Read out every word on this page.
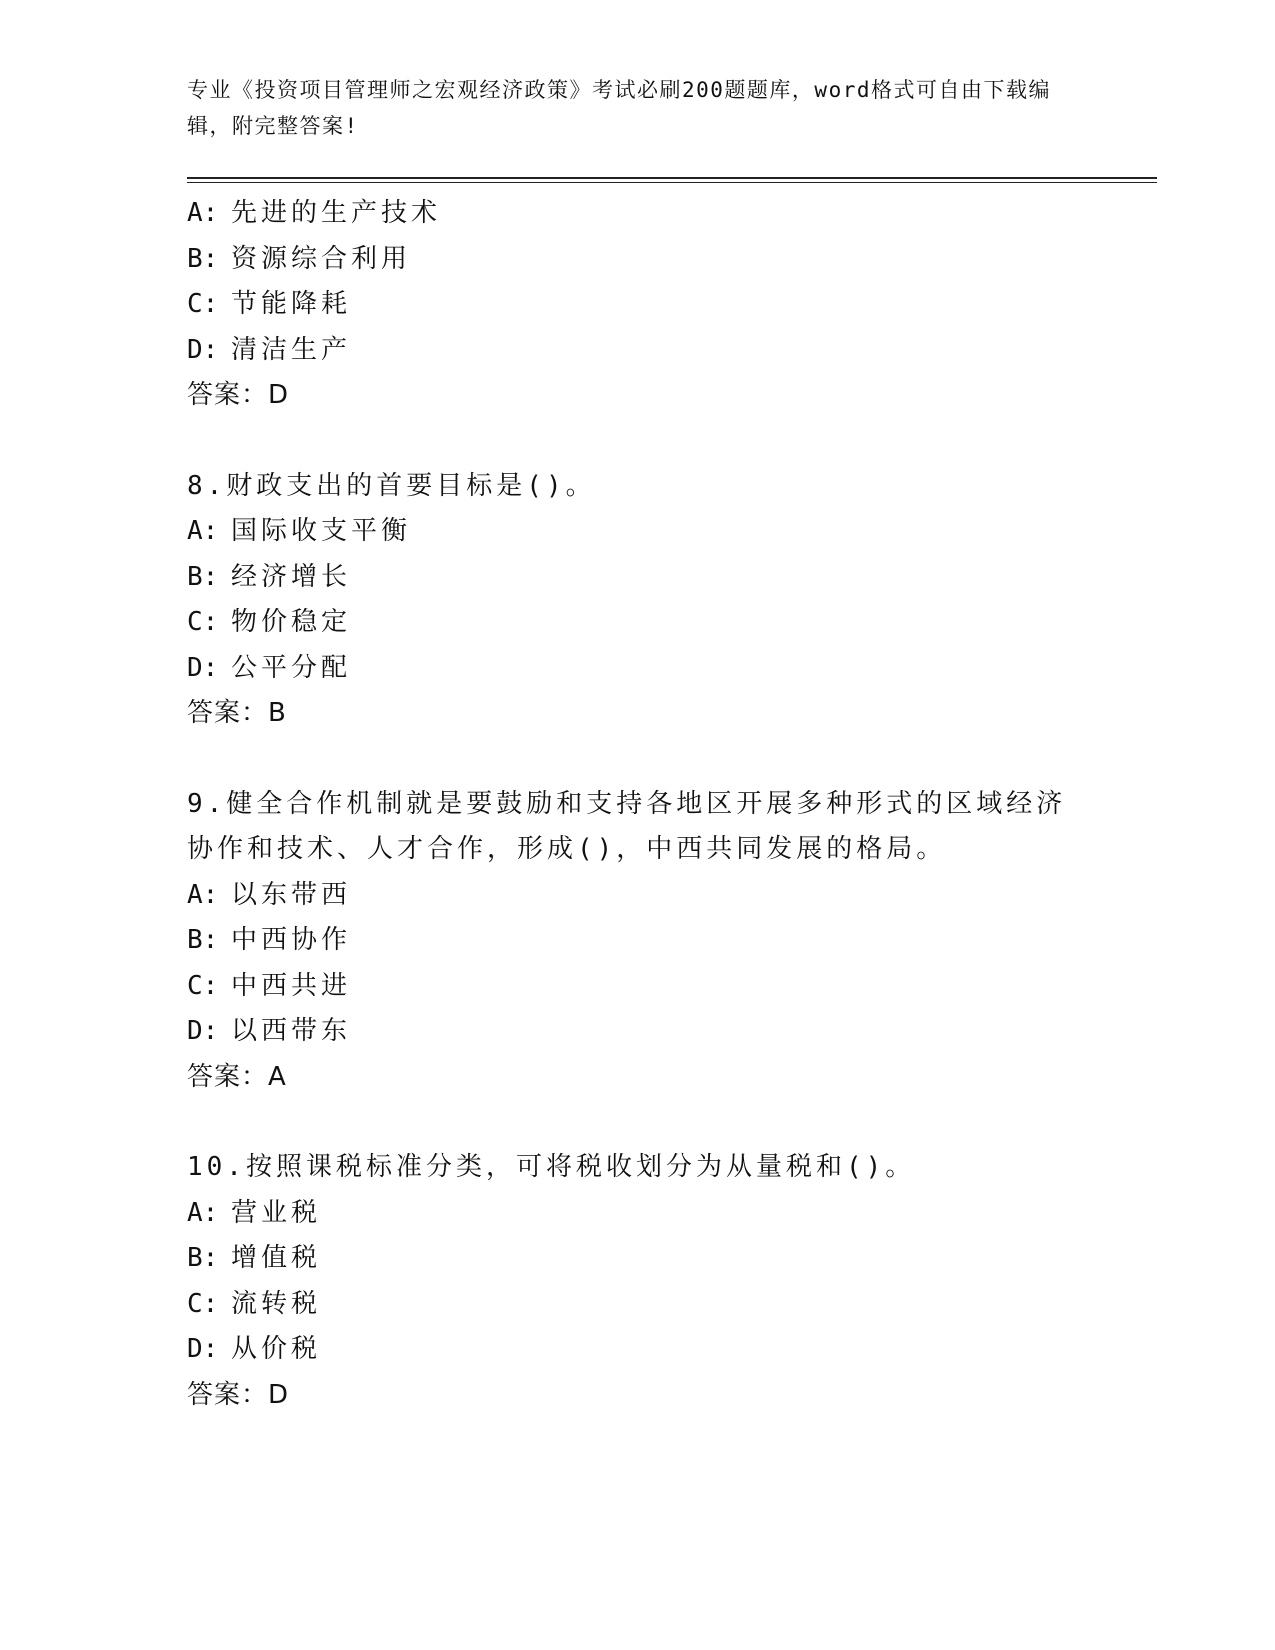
专业《投资项目管理师之宏观经济政策》考试必刷200题题库，word格式可自由下载编辑，附完整答案!
A: 先进的生产技术
B: 资源综合利用
C: 节能降耗
D: 清洁生产
答案：D
8.财政支出的首要目标是()。
A: 国际收支平衡
B: 经济增长
C: 物价稳定
D: 公平分配
答案：B
9.健全合作机制就是要鼓励和支持各地区开展多种形式的区域经济协作和技术、人才合作，形成()，中西共同发展的格局。
A: 以东带西
B: 中西协作
C: 中西共进
D: 以西带东
答案：A
10.按照课税标准分类，可将税收划分为从量税和()。
A: 营业税
B: 增值税
C: 流转税
D: 从价税
答案：D
